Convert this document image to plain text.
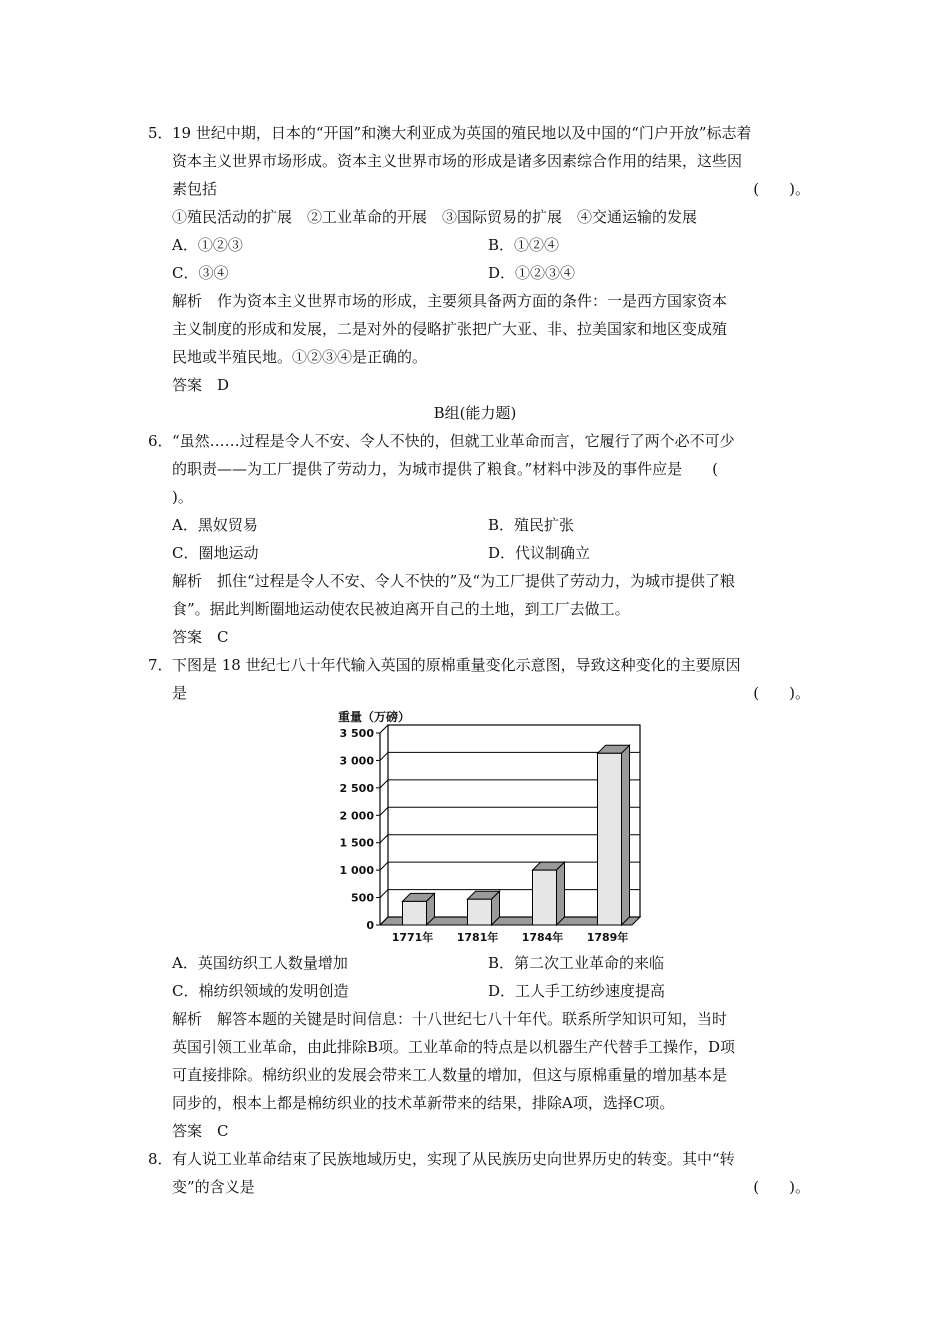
5． 19 世纪中期，日本的“开国”和澳大利亚成为英国的殖民地以及中国的“门户开放”标志着
资本主义世界市场形成。资本主义世界市场的形成是诸多因素综合作用的结果，这些因
素包括	(　　)。
①殖民活动的扩展　②工业革命的开展　③国际贸易的扩展　④交通运输的发展
A．①②③	B．①②④
C．③④	D．①②③④
解析　作为资本主义世界市场的形成，主要须具备两方面的条件：一是西方国家资本
主义制度的形成和发展，二是对外的侵略扩张把广大亚、非、拉美国家和地区变成殖
民地或半殖民地。①②③④是正确的。
答案　D
B组(能力题)
6． “虽然……过程是令人不安、令人不快的，但就工业革命而言，它履行了两个必不可少
的职责——为工厂提供了劳动力，为城市提供了粮食。”材料中涉及的事件应是　　(
)。
A．黑奴贸易	B．殖民扩张
C．圈地运动	D．代议制确立
解析　抓住“过程是令人不安、令人不快的”及“为工厂提供了劳动力，为城市提供了粮
食”。据此判断圈地运动使农民被迫离开自己的土地，到工厂去做工。
答案　C
7． 下图是 18 世纪七八十年代输入英国的原棉重量变化示意图，导致这种变化的主要原因
是	(　　)。
重量（万磅）
0
500
1 000
1 500
2 000
2 500
3 000
3 500
1771年 1781年 1784年 1789年
A．英国纺织工人数量增加	B．第二次工业革命的来临
C．棉纺织领域的发明创造	D．工人手工纺纱速度提高
解析　解答本题的关键是时间信息：十八世纪七八十年代。联系所学知识可知，当时
英国引领工业革命，由此排除B项。工业革命的特点是以机器生产代替手工操作，D项
可直接排除。棉纺织业的发展会带来工人数量的增加，但这与原棉重量的增加基本是
同步的，根本上都是棉纺织业的技术革新带来的结果，排除A项，选择C项。
答案　C
8． 有人说工业革命结束了民族地域历史，实现了从民族历史向世界历史的转变。其中“转
变”的含义是	(　　)。
